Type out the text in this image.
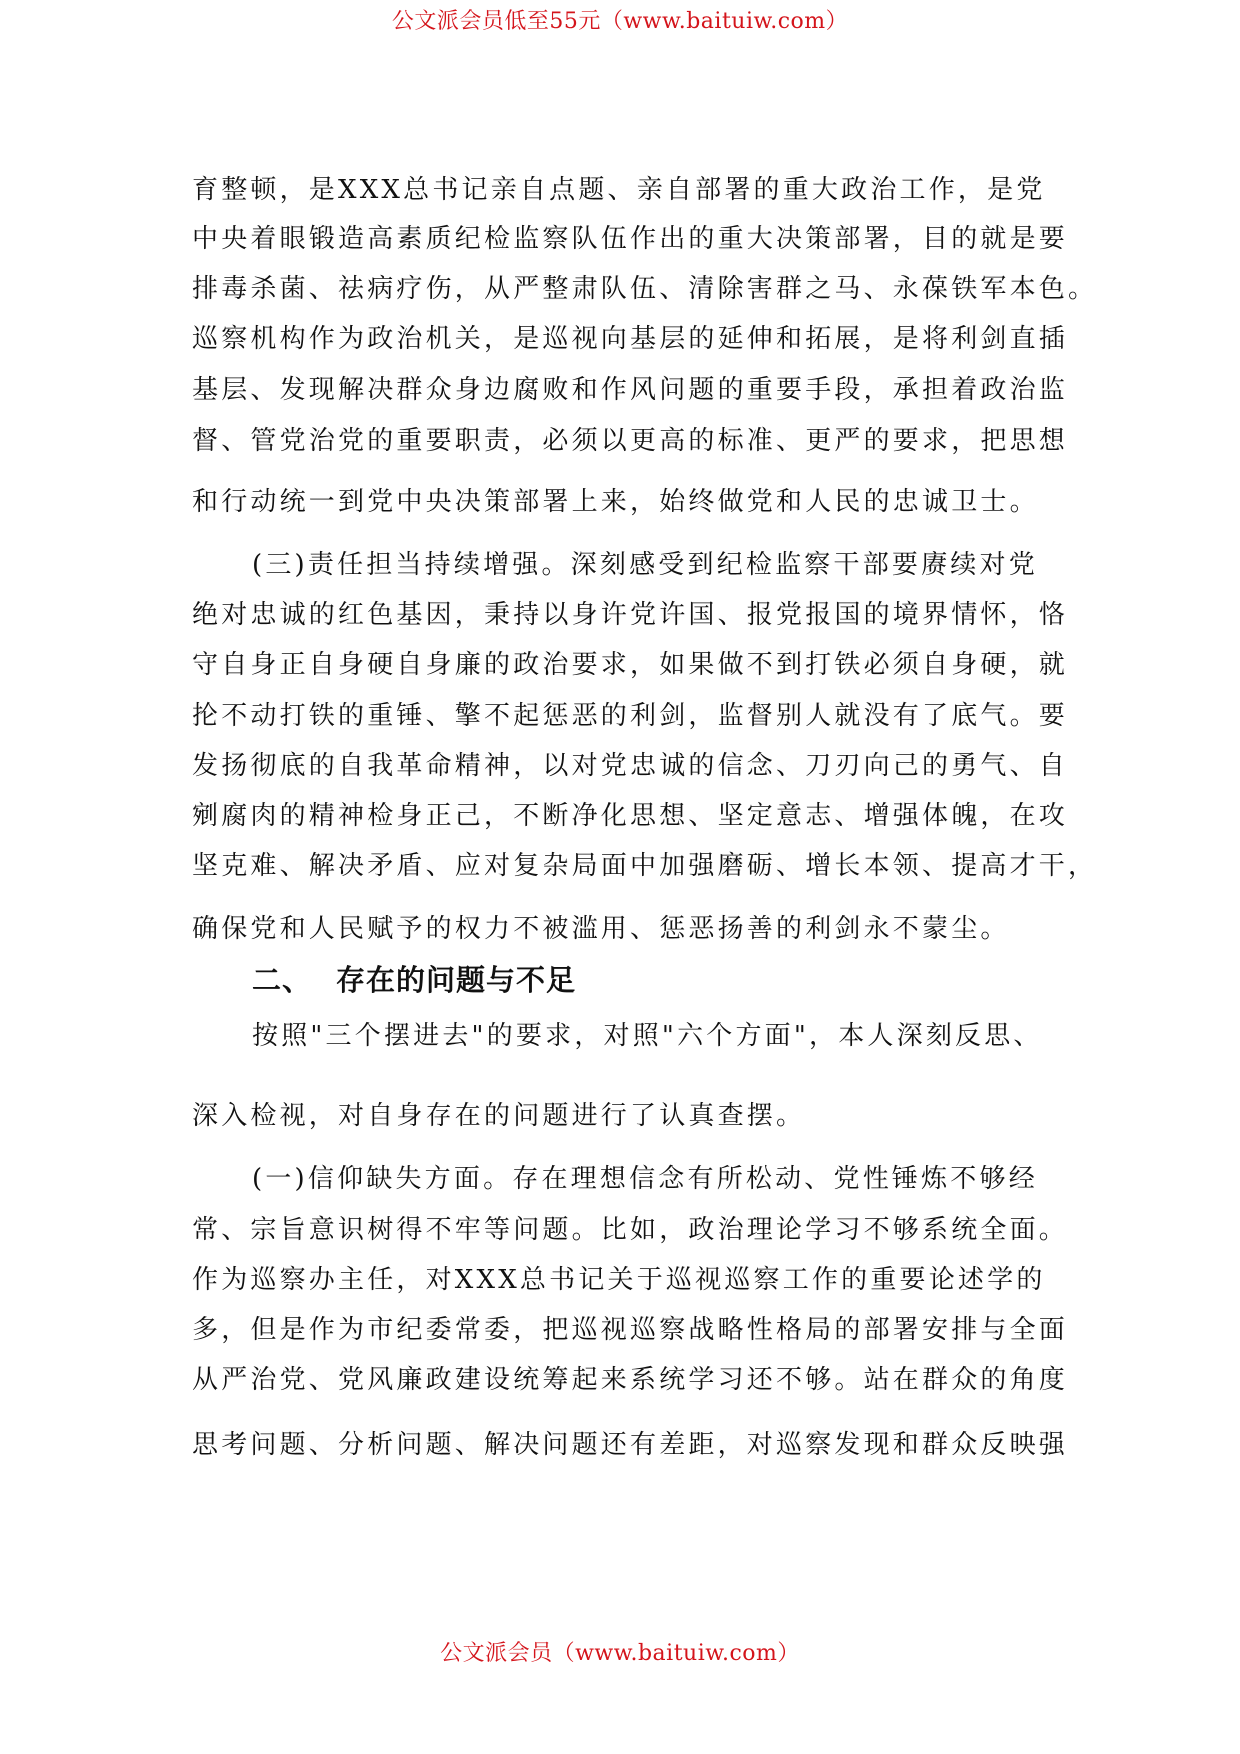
公文派会员低至55元（www.baituiw.com）
育整顿，是XXX总书记亲自点题、亲自部署的重大政治工作，是党
中央着眼锻造高素质纪检监察队伍作出的重大决策部署，目的就是要
排毒杀菌、祛病疗伤，从严整肃队伍、清除害群之马、永葆铁军本色。
巡察机构作为政治机关，是巡视向基层的延伸和拓展，是将利剑直插
基层、发现解决群众身边腐败和作风问题的重要手段，承担着政治监
督、管党治党的重要职责，必须以更高的标准、更严的要求，把思想
和行动统一到党中央决策部署上来，始终做党和人民的忠诚卫士。
(三)责任担当持续增强。深刻感受到纪检监察干部要赓续对党
绝对忠诚的红色基因，秉持以身许党许国、报党报国的境界情怀，恪
守自身正自身硬自身廉的政治要求，如果做不到打铁必须自身硬，就
抡不动打铁的重锤、擎不起惩恶的利剑，监督别人就没有了底气。要
发扬彻底的自我革命精神，以对党忠诚的信念、刀刃向己的勇气、自
剜腐肉的精神检身正己，不断净化思想、坚定意志、增强体魄，在攻
坚克难、解决矛盾、应对复杂局面中加强磨砺、增长本领、提高才干，
确保党和人民赋予的权力不被滥用、惩恶扬善的利剑永不蒙尘。
按照"三个摆进去"的要求，对照"六个方面"，本人深刻反思、
深入检视，对自身存在的问题进行了认真查摆。
(一)信仰缺失方面。存在理想信念有所松动、党性锤炼不够经
常、宗旨意识树得不牢等问题。比如，政治理论学习不够系统全面。
作为巡察办主任，对XXX总书记关于巡视巡察工作的重要论述学的
多，但是作为市纪委常委，把巡视巡察战略性格局的部署安排与全面
从严治党、党风廉政建设统筹起来系统学习还不够。站在群众的角度
思考问题、分析问题、解决问题还有差距，对巡察发现和群众反映强
二、 存在的问题与不足
公文派会员（www.baituiw.com）
